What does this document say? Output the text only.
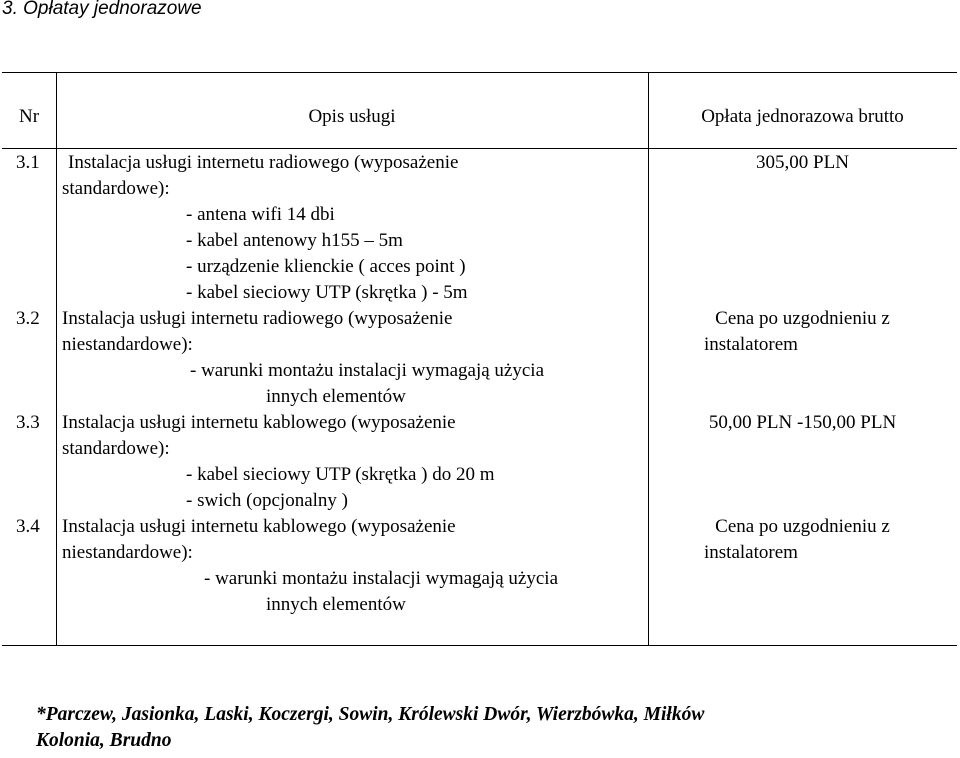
3. Opłatay jednorazowe
Nr	Opis usługi	Opłata jednorazowa brutto
3.1 Instalacja usługi internetu radiowego (wyposażenie
standardowe):
- antena wifi 14 dbi
- kabel antenowy h155 – 5m
- urządzenie klienckie ( acces point )
- kabel sieciowy UTP (skrętka ) - 5m
305,00 PLN
3.2 Instalacja usługi internetu radiowego (wyposażenie
niestandardowe):
- warunki montażu instalacji wymagają użycia
innych elementów
Cena po uzgodnieniu z
instalatorem
3.3 Instalacja usługi internetu kablowego (wyposażenie
standardowe):
- kabel sieciowy UTP (skrętka ) do 20 m
- swich (opcjonalny )
50,00 PLN -150,00 PLN
3.4 Instalacja usługi internetu kablowego (wyposażenie
niestandardowe):
- warunki montażu instalacji wymagają użycia
innych elementów
Cena po uzgodnieniu z
instalatorem
*Parczew, Jasionka, Laski, Koczergi, Sowin, Królewski Dwór, Wierzbówka, Miłków
Kolonia, Brudno
